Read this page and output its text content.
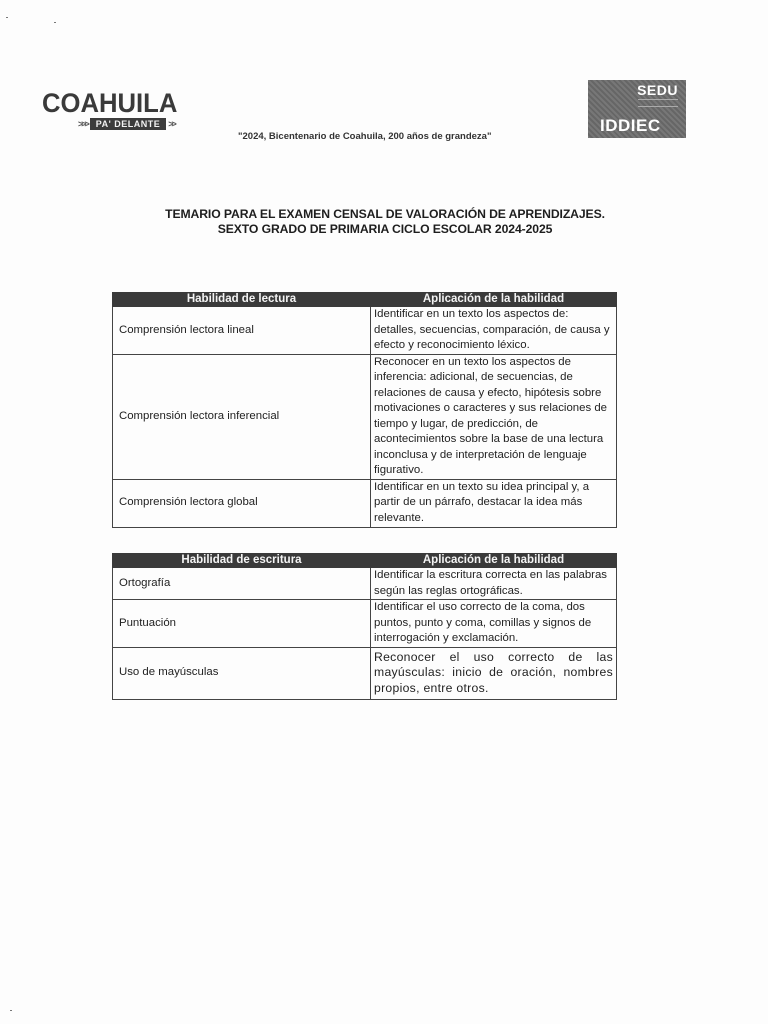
COAHUILA
>>> PA' DELANTE >>
"2024, Bicentenario de Coahuila, 200 años de grandeza"
SEDU
IDDIEC
TEMARIO PARA EL EXAMEN CENSAL DE VALORACIÓN DE APRENDIZAJES.
SEXTO GRADO DE PRIMARIA CICLO ESCOLAR 2024-2025
Habilidad de lectura	Aplicación de la habilidad
Comprensión lectora lineal	Identificar en un texto los aspectos de: detalles, secuencias, comparación, de causa y efecto y reconocimiento léxico.
Comprensión lectora inferencial	Reconocer en un texto los aspectos de inferencia: adicional, de secuencias, de relaciones de causa y efecto, hipótesis sobre motivaciones o caracteres y sus relaciones de tiempo y lugar, de predicción, de acontecimientos sobre la base de una lectura inconclusa y de interpretación de lenguaje figurativo.
Comprensión lectora global	Identificar en un texto su idea principal y, a partir de un párrafo, destacar la idea más relevante.
Habilidad de escritura	Aplicación de la habilidad
Ortografía	Identificar la escritura correcta en las palabras según las reglas ortográficas.
Puntuación	Identificar el uso correcto de la coma, dos puntos, punto y coma, comillas y signos de interrogación y exclamación.
Uso de mayúsculas	Reconocer el uso correcto de las mayúsculas: inicio de oración, nombres propios, entre otros.
